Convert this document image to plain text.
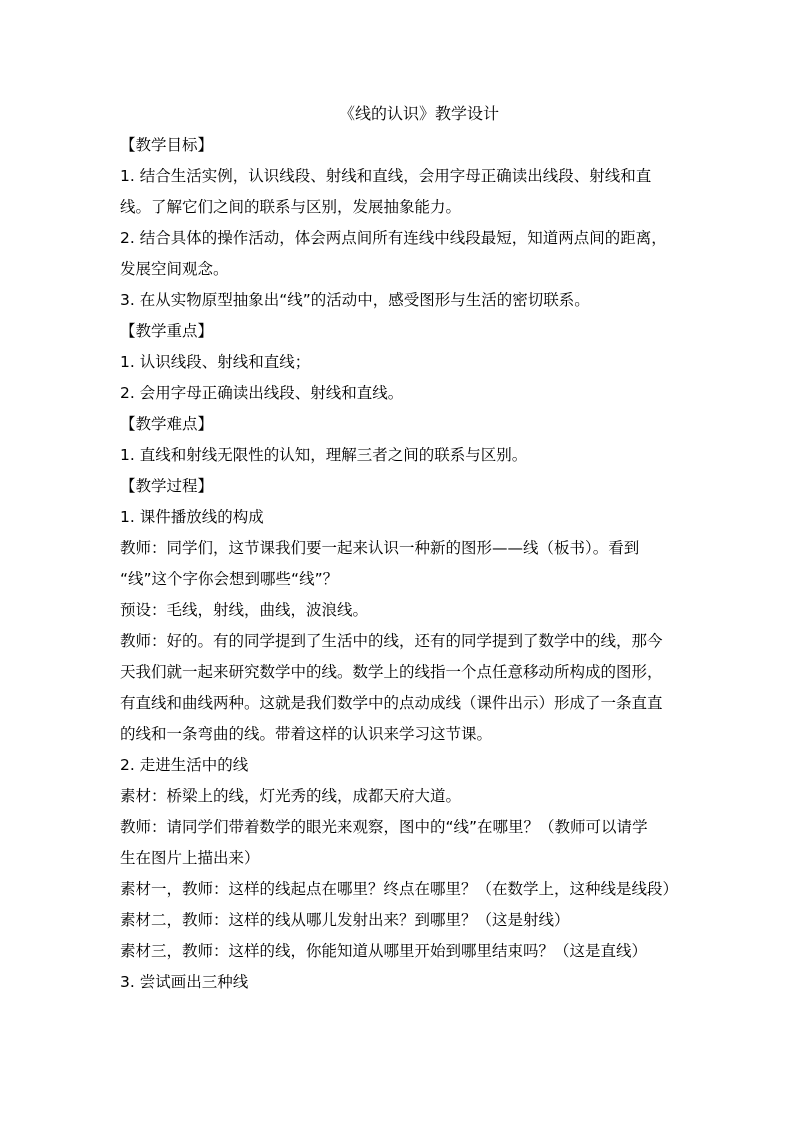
《线的认识》教学设计
【教学目标】
1. 结合生活实例，认识线段、射线和直线，会用字母正确读出线段、射线和直
线。了解它们之间的联系与区别，发展抽象能力。
2. 结合具体的操作活动，体会两点间所有连线中线段最短，知道两点间的距离，
发展空间观念。
3. 在从实物原型抽象出“线”的活动中，感受图形与生活的密切联系。
【教学重点】
1. 认识线段、射线和直线；
2. 会用字母正确读出线段、射线和直线。
【教学难点】
1. 直线和射线无限性的认知，理解三者之间的联系与区别。
【教学过程】
1. 课件播放线的构成
教师：同学们，这节课我们要一起来认识一种新的图形——线（板书）。看到
“线”这个字你会想到哪些“线”？
预设：毛线，射线，曲线，波浪线。
教师：好的。有的同学提到了生活中的线，还有的同学提到了数学中的线，那今
天我们就一起来研究数学中的线。数学上的线指一个点任意移动所构成的图形，
有直线和曲线两种。这就是我们数学中的点动成线（课件出示）形成了一条直直
的线和一条弯曲的线。带着这样的认识来学习这节课。
2. 走进生活中的线
素材：桥梁上的线，灯光秀的线，成都天府大道。
教师：请同学们带着数学的眼光来观察，图中的“线”在哪里？（教师可以请学
生在图片上描出来）
素材一，教师：这样的线起点在哪里？终点在哪里？（在数学上，这种线是线段）
素材二，教师：这样的线从哪儿发射出来？到哪里？（这是射线）
素材三，教师：这样的线，你能知道从哪里开始到哪里结束吗？（这是直线）
3. 尝试画出三种线
